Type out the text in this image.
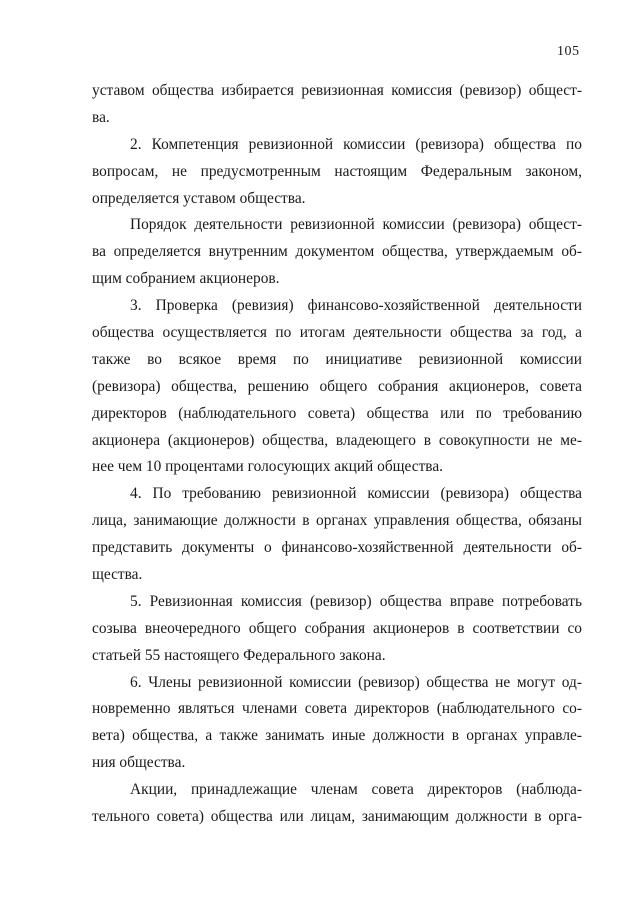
105
уставом общества избирается ревизионная комиссия (ревизор) общест-
ва.
2. Компетенция ревизионной комиссии (ревизора) общества по
вопросам, не предусмотренным настоящим Федеральным законом,
определяется уставом общества.
Порядок деятельности ревизионной комиссии (ревизора) общест-
ва определяется внутренним документом общества, утверждаемым об-
щим собранием акционеров.
3. Проверка (ревизия) финансово-хозяйственной деятельности
общества осуществляется по итогам деятельности общества за год, а
также во всякое время по инициативе ревизионной комиссии
(ревизора) общества, решению общего собрания акционеров, совета
директоров (наблюдательного совета) общества или по требованию
акционера (акционеров) общества, владеющего в совокупности не ме-
нее чем 10 процентами голосующих акций общества.
4. По требованию ревизионной комиссии (ревизора) общества
лица, занимающие должности в органах управления общества, обязаны
представить документы о финансово-хозяйственной деятельности об-
щества.
5. Ревизионная комиссия (ревизор) общества вправе потребовать
созыва внеочередного общего собрания акционеров в соответствии со
статьей 55 настоящего Федерального закона.
6. Члены ревизионной комиссии (ревизор) общества не могут од-
новременно являться членами совета директоров (наблюдательного со-
вета) общества, а также занимать иные должности в органах управле-
ния общества.
Акции, принадлежащие членам совета директоров (наблюда-
тельного совета) общества или лицам, занимающим должности в орга-
